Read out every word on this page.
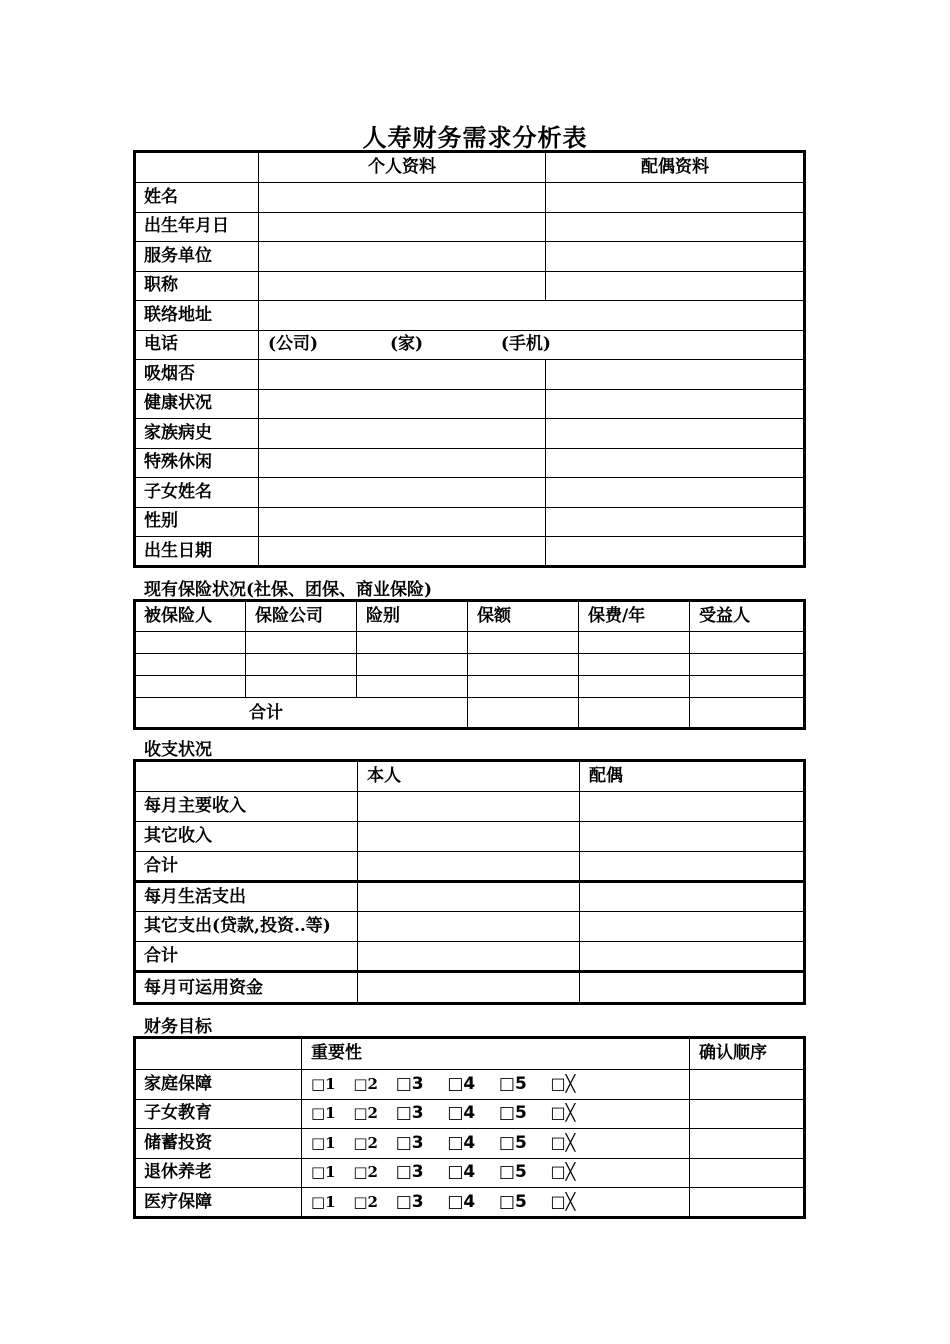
人寿财务需求分析表
	个人资料	配偶资料
姓名		
出生年月日		
服务单位		
职称		
联络地址		
电话	(公司) (家) (手机)	
吸烟否		
健康状况		
家族病史		
特殊休闲		
子女姓名		
性别		
出生日期		
现有保险状况(社保、团保、商业保险)
被保险人	保险公司	险别	保额	保费/年	受益人

合计					
收支状况
	本人	配偶
每月主要收入		
其它收入		
合计		
每月生活支出		
其它支出(贷款,投资..等)		
合计		
每月可运用资金		
财务目标
	重要性	确认顺序
家庭保障	□1 □2 □3 □4 □5 □╳	
子女教育	□1 □2 □3 □4 □5 □╳	
储蓄投资	□1 □2 □3 □4 □5 □╳	
退休养老	□1 □2 □3 □4 □5 □╳	
医疗保障	□1 □2 □3 □4 □5 □╳	
